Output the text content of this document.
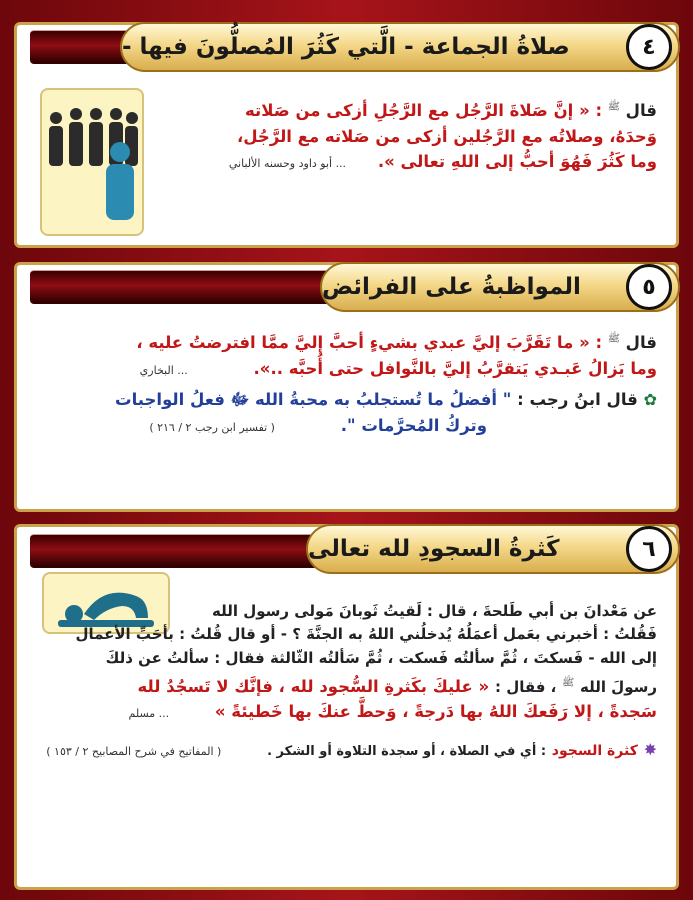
صلاةُ الجماعة - الَّتي كَثُرَ المُصلُّونَ فيها -	٤
قال $^ﷺ$ : « إنَّ صَلاةَ الرَّجُل مع الرَّجُلِ أزكى من صَلاته
وَحدَهُ، وصلاتُه مع الرَّجُلين أزكى من صَلاته مع الرَّجُل،
وما كَثُرَ فَهُوَ أحبُّ إلى اللهِ تعالى ». ... أبو داود وحسنه الألباني
المواظبةُ على الفرائض	٥
قال $^ﷺ$ : « ما تَقَرَّبَ إليَّ عبدي بشيءٍ أحبَّ إليَّ ممَّا افترضتُ عليه ،
وما يَزالُ عَبـدي يَتقرَّبُ إليَّ بالنَّوافل حتى أُحبَّه ..». ... البخاري
✿ قال ابنُ رجب : " أفضلُ ما تُستجلبُ به محبةُ الله ﷻ فعلُ الواجبات
وتركُ المُحرَّمات ". ( تفسير ابن رجب ٢ / ٢١٦ )
كَثرةُ السجودِ لله تعالى	٦
عن مَعْدانَ بن أبي طَلحةَ ، قال : لَقيتُ ثَوبانَ مَولى رسول الله
فَقُلتُ : أخبرني بعَمل أعمَلُهُ يُدخلُني اللهُ به الجنَّةَ ؟ - أو قال قُلتُ : بأحَبِّ الأعمال
إلى الله - فَسكتَ ، ثُمَّ سألتُه فَسكت ، ثُمَّ سَألتُه الثّالثة فقال : سألتُ عن ذلكَ
رسولَ الله $^ﷺ$ ، فقال : « عليكَ بكَثرةِ السُّجود لله ، فإنَّك لا تَسجُدُ لله
سَجدةً ، إلا رَفَعكَ اللهُ بها دَرجةً ، وَحطَّ عنكَ بها خَطيئةً » ... مسلم
✸ كثرة السجود : أي في الصلاة ، أو سجدة التلاوة أو الشكر . ( المفاتيح في شرح المصابيح ٢ / ١٥٣ )
